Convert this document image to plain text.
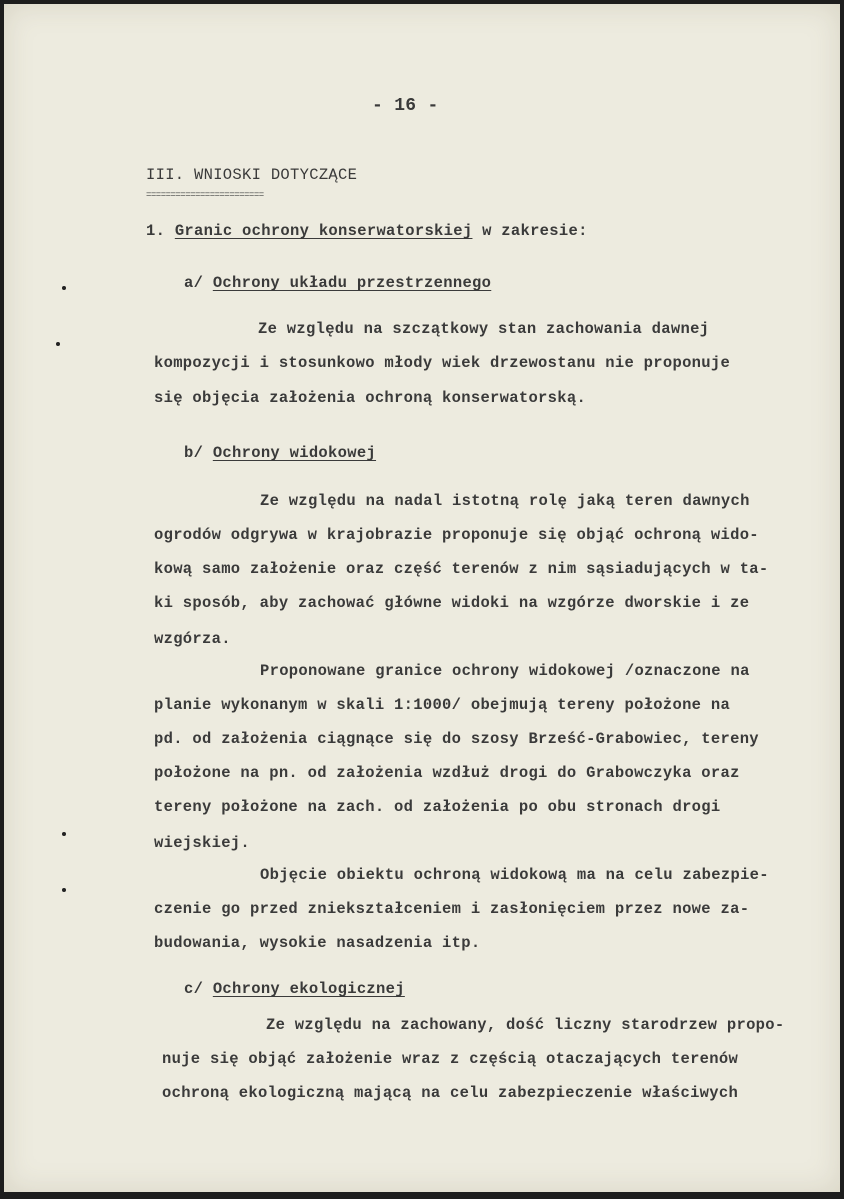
- 16 -
III. WNIOSKI DOTYCZĄCE
========================
1. Granic ochrony konserwatorskiej w zakresie:
a/ Ochrony układu przestrzennego
Ze względu na szczątkowy stan zachowania dawnej
kompozycji i stosunkowo młody wiek drzewostanu nie proponuje
się objęcia założenia ochroną konserwatorską.
b/ Ochrony widokowej
Ze względu na nadal istotną rolę jaką teren dawnych
ogrodów odgrywa w krajobrazie proponuje się objąć ochroną wido-
kową samo założenie oraz część terenów z nim sąsiadujących w ta-
ki sposób, aby zachować główne widoki na wzgórze dworskie i ze
wzgórza.
Proponowane granice ochrony widokowej /oznaczone na
planie wykonanym w skali 1:1000/ obejmują tereny położone na
pd. od założenia ciągnące się do szosy Brześć-Grabowiec, tereny
położone na pn. od założenia wzdłuż drogi do Grabowczyka oraz
tereny położone na zach. od założenia po obu stronach drogi
wiejskiej.
Objęcie obiektu ochroną widokową ma na celu zabezpie-
czenie go przed zniekształceniem i zasłonięciem przez nowe za-
budowania, wysokie nasadzenia itp.
c/ Ochrony ekologicznej
Ze względu na zachowany, dość liczny starodrzew propo-
nuje się objąć założenie wraz z częścią otaczających terenów
ochroną ekologiczną mającą na celu zabezpieczenie właściwych
